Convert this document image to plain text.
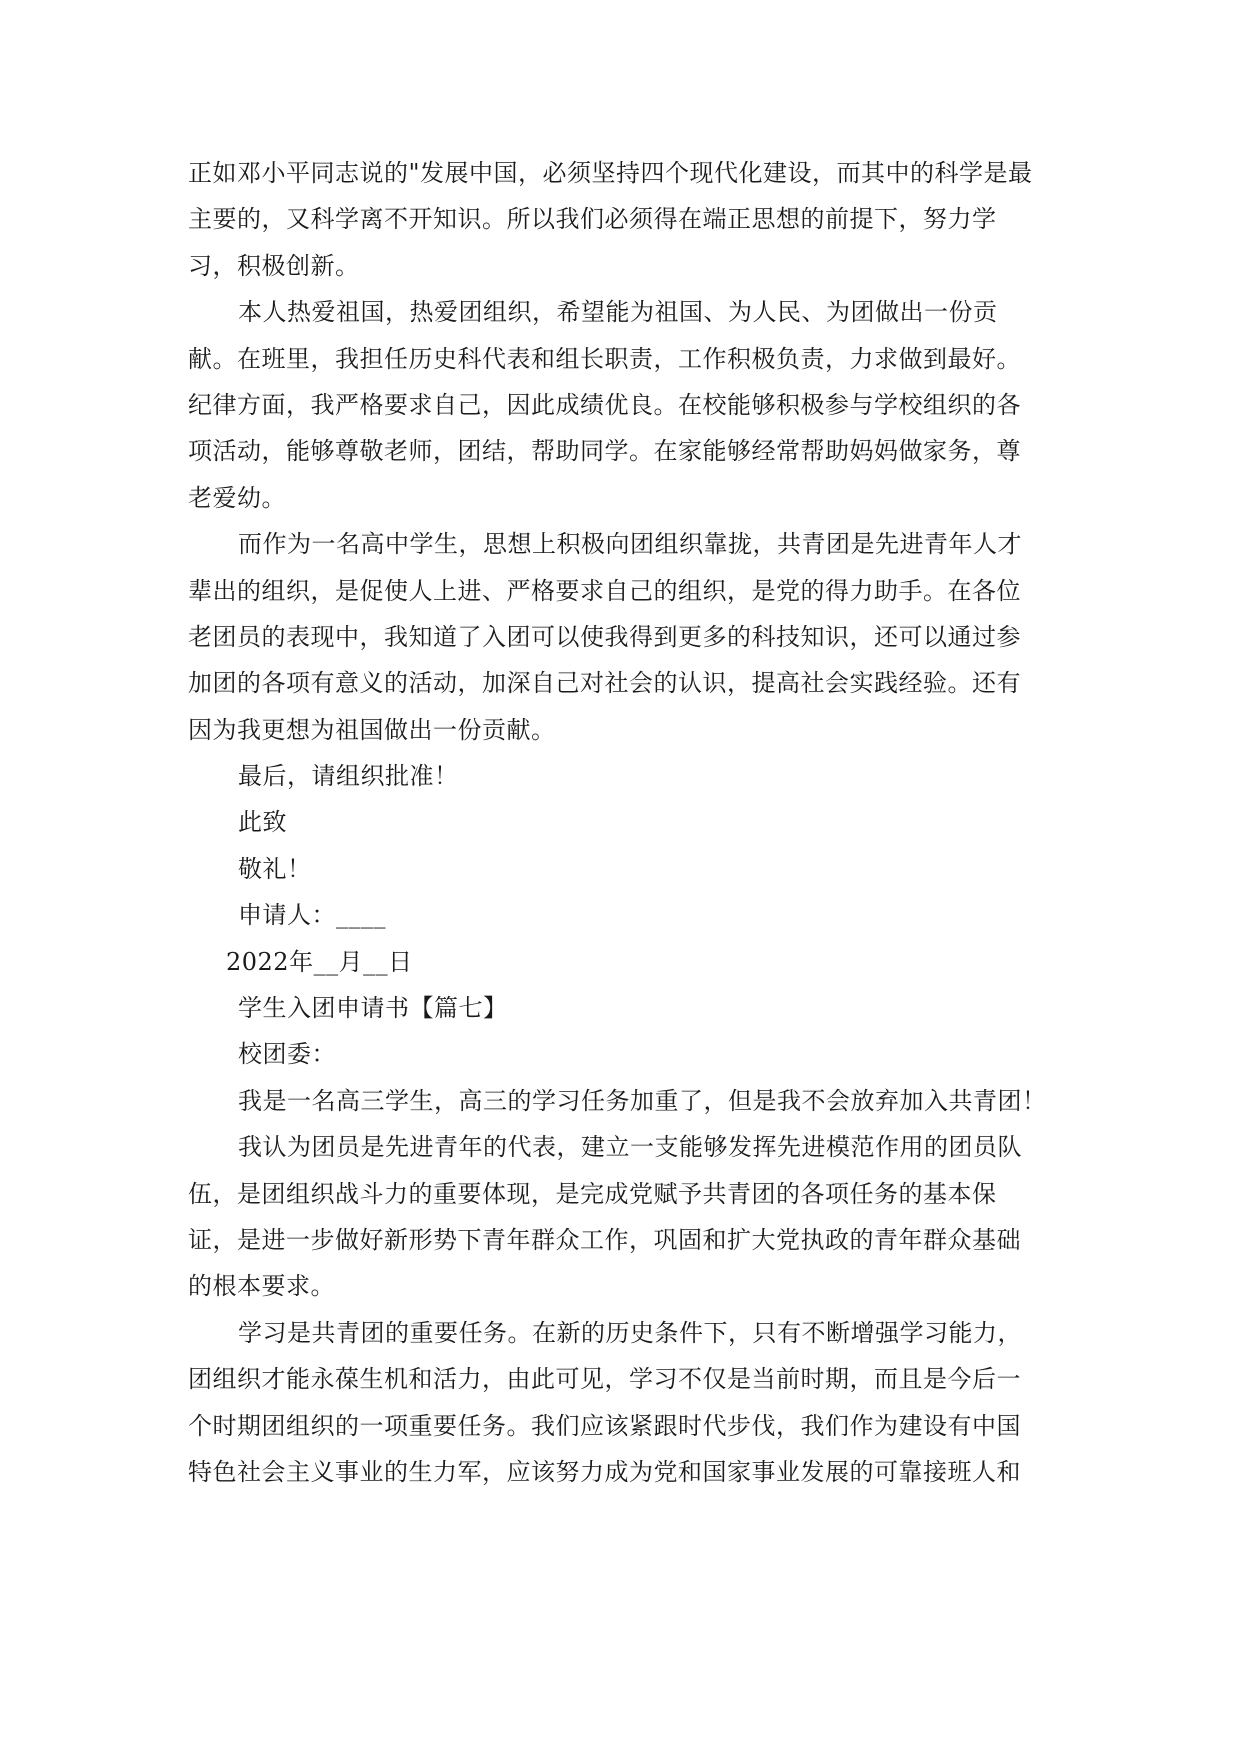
正如邓小平同志说的"发展中国，必须坚持四个现代化建设，而其中的科学是最
主要的，又科学离不开知识。所以我们必须得在端正思想的前提下，努力学
习，积极创新。
本人热爱祖国，热爱团组织，希望能为祖国、为人民、为团做出一份贡
献。在班里，我担任历史科代表和组长职责，工作积极负责，力求做到最好。
纪律方面，我严格要求自己，因此成绩优良。在校能够积极参与学校组织的各
项活动，能够尊敬老师，团结，帮助同学。在家能够经常帮助妈妈做家务，尊
老爱幼。
而作为一名高中学生，思想上积极向团组织靠拢，共青团是先进青年人才
辈出的组织，是促使人上进、严格要求自己的组织，是党的得力助手。在各位
老团员的表现中，我知道了入团可以使我得到更多的科技知识，还可以通过参
加团的各项有意义的活动，加深自己对社会的认识，提高社会实践经验。还有
因为我更想为祖国做出一份贡献。
最后，请组织批准！
此致
敬礼！
申请人：____
2022年__月__日
学生入团申请书【篇七】
校团委：
我是一名高三学生，高三的学习任务加重了，但是我不会放弃加入共青团！
我认为团员是先进青年的代表，建立一支能够发挥先进模范作用的团员队
伍，是团组织战斗力的重要体现，是完成党赋予共青团的各项任务的基本保
证，是进一步做好新形势下青年群众工作，巩固和扩大党执政的青年群众基础
的根本要求。
学习是共青团的重要任务。在新的历史条件下，只有不断增强学习能力，
团组织才能永葆生机和活力，由此可见，学习不仅是当前时期，而且是今后一
个时期团组织的一项重要任务。我们应该紧跟时代步伐，我们作为建设有中国
特色社会主义事业的生力军，应该努力成为党和国家事业发展的可靠接班人和
